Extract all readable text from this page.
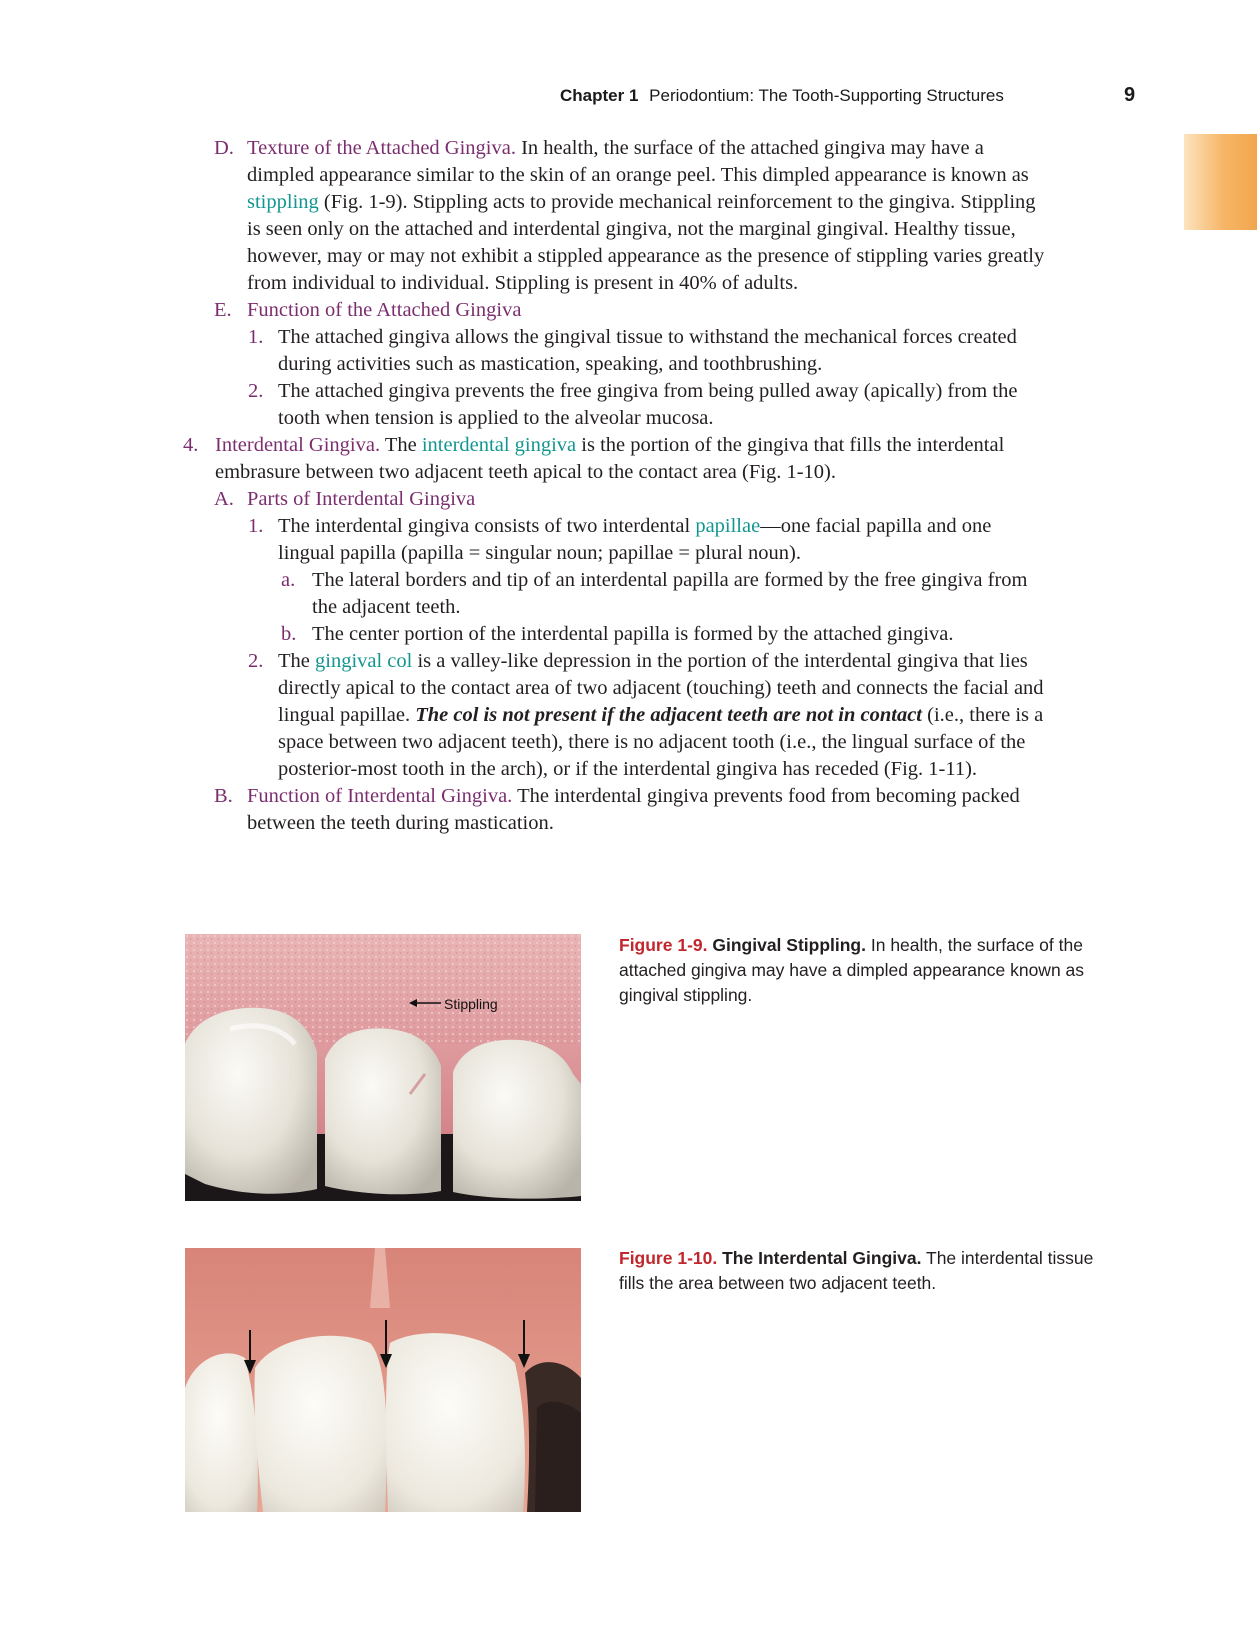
Chapter 1 Periodontium: The Tooth-Supporting Structures	9
D. Texture of the Attached Gingiva. In health, the surface of the attached gingiva may have a dimpled appearance similar to the skin of an orange peel. This dimpled appearance is known as stippling (Fig. 1-9). Stippling acts to provide mechanical reinforcement to the gingiva. Stippling is seen only on the attached and interdental gingiva, not the marginal gingival. Healthy tissue, however, may or may not exhibit a stippled appearance as the presence of stippling varies greatly from individual to individual. Stippling is present in 40% of adults.
E. Function of the Attached Gingiva
1. The attached gingiva allows the gingival tissue to withstand the mechanical forces created during activities such as mastication, speaking, and toothbrushing.
2. The attached gingiva prevents the free gingiva from being pulled away (apically) from the tooth when tension is applied to the alveolar mucosa.
4. Interdental Gingiva. The interdental gingiva is the portion of the gingiva that fills the interdental embrasure between two adjacent teeth apical to the contact area (Fig. 1-10).
A. Parts of Interdental Gingiva
1. The interdental gingiva consists of two interdental papillae—one facial papilla and one lingual papilla (papilla = singular noun; papillae = plural noun).
a. The lateral borders and tip of an interdental papilla are formed by the free gingiva from the adjacent teeth.
b. The center portion of the interdental papilla is formed by the attached gingiva.
2. The gingival col is a valley-like depression in the portion of the interdental gingiva that lies directly apical to the contact area of two adjacent (touching) teeth and connects the facial and lingual papillae. The col is not present if the adjacent teeth are not in contact (i.e., there is a space between two adjacent teeth), there is no adjacent tooth (i.e., the lingual surface of the posterior-most tooth in the arch), or if the interdental gingiva has receded (Fig. 1-11).
B. Function of Interdental Gingiva. The interdental gingiva prevents food from becoming packed between the teeth during mastication.
Stippling
Figure 1-9. Gingival Stippling. In health, the surface of the attached gingiva may have a dimpled appearance known as gingival stippling.
Figure 1-10. The Interdental Gingiva. The interdental tissue fills the area between two adjacent teeth.
